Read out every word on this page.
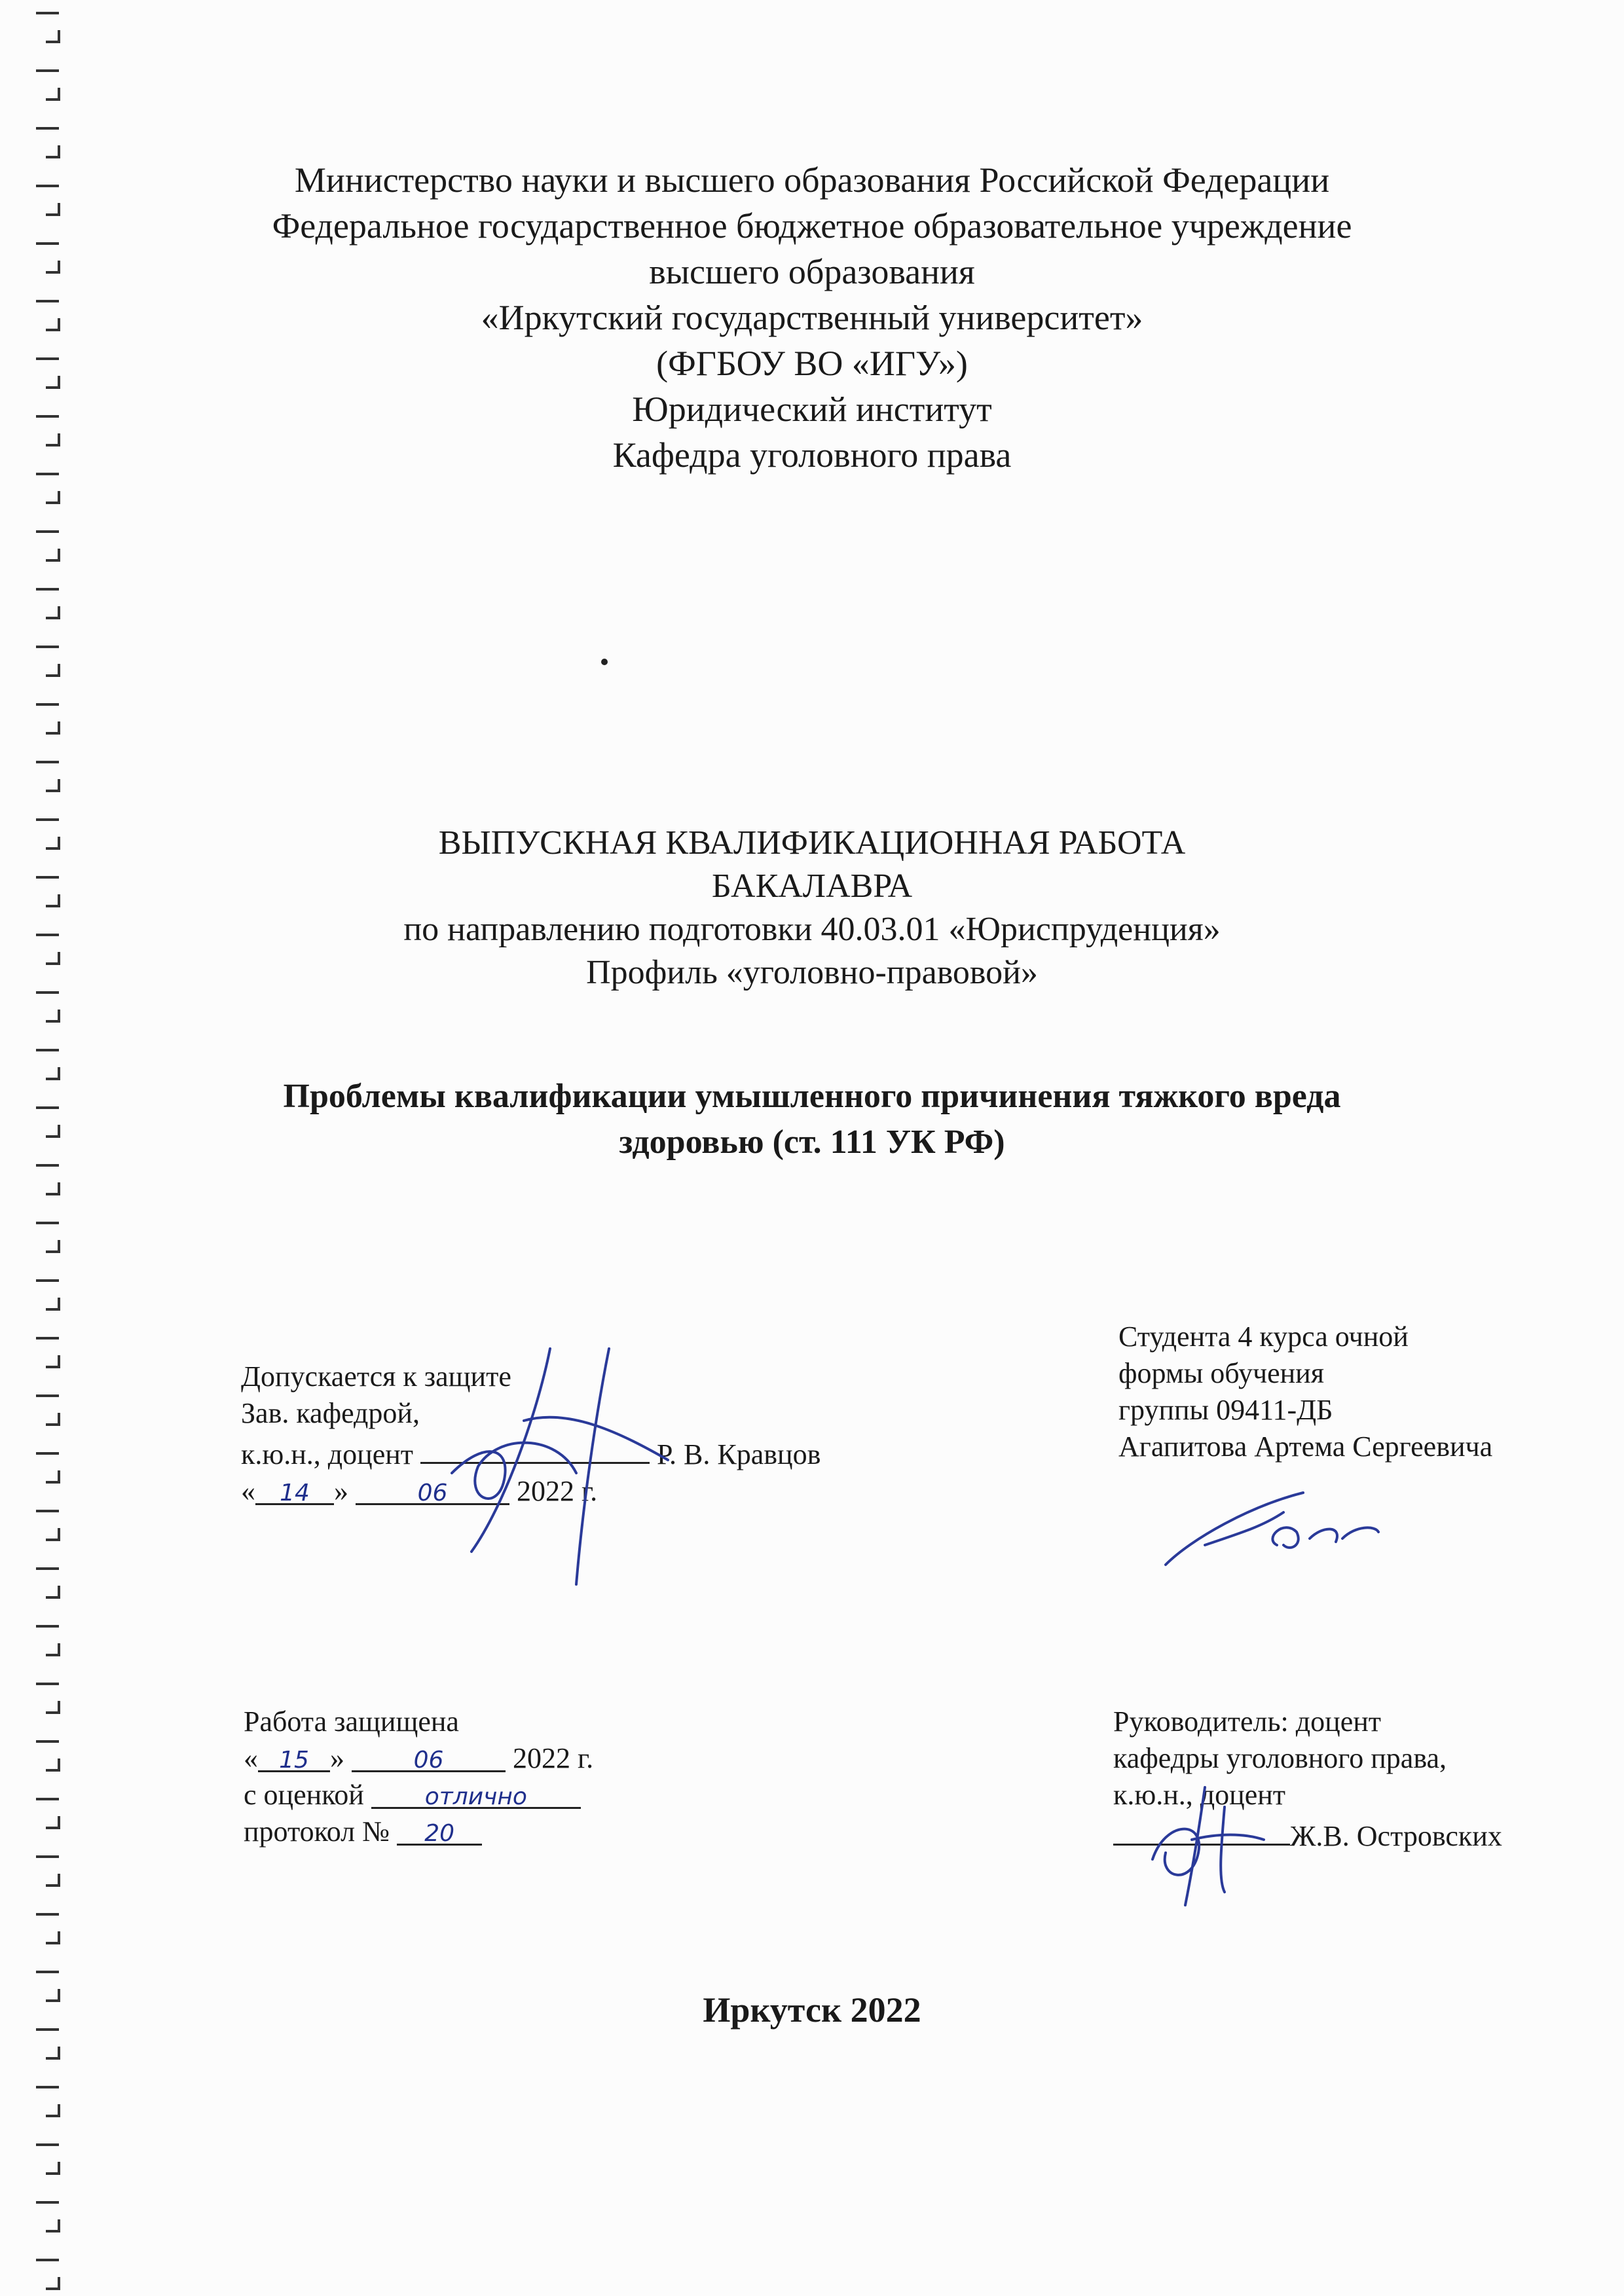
Министерство науки и высшего образования Российской Федерации
Федеральное государственное бюджетное образовательное учреждение
высшего образования
«Иркутский государственный университет»
(ФГБОУ ВО «ИГУ»)
Юридический институт
Кафедра уголовного права
ВЫПУСКНАЯ КВАЛИФИКАЦИОННАЯ РАБОТА
БАКАЛАВРА
по направлению подготовки 40.03.01 «Юриспруденция»
Профиль «уголовно-правовой»
Проблемы квалификации умышленного причинения тяжкого вреда
здоровью (ст. 111 УК РФ)
Допускается к защите
Зав. кафедрой,
к.ю.н., доцент	Р. В. Кравцов
« 14 »	06 2022 г.
Студента 4 курса очной
формы обучения
группы 09411-ДБ
Агапитова Артема Сергеевича
Работа защищена
« 15 »	06 2022 г.
с оценкой	отлично
протокол № 20
Руководитель: доцент
кафедры уголовного права,
к.ю.н., доцент
Ж.В. Островских
Иркутск 2022
